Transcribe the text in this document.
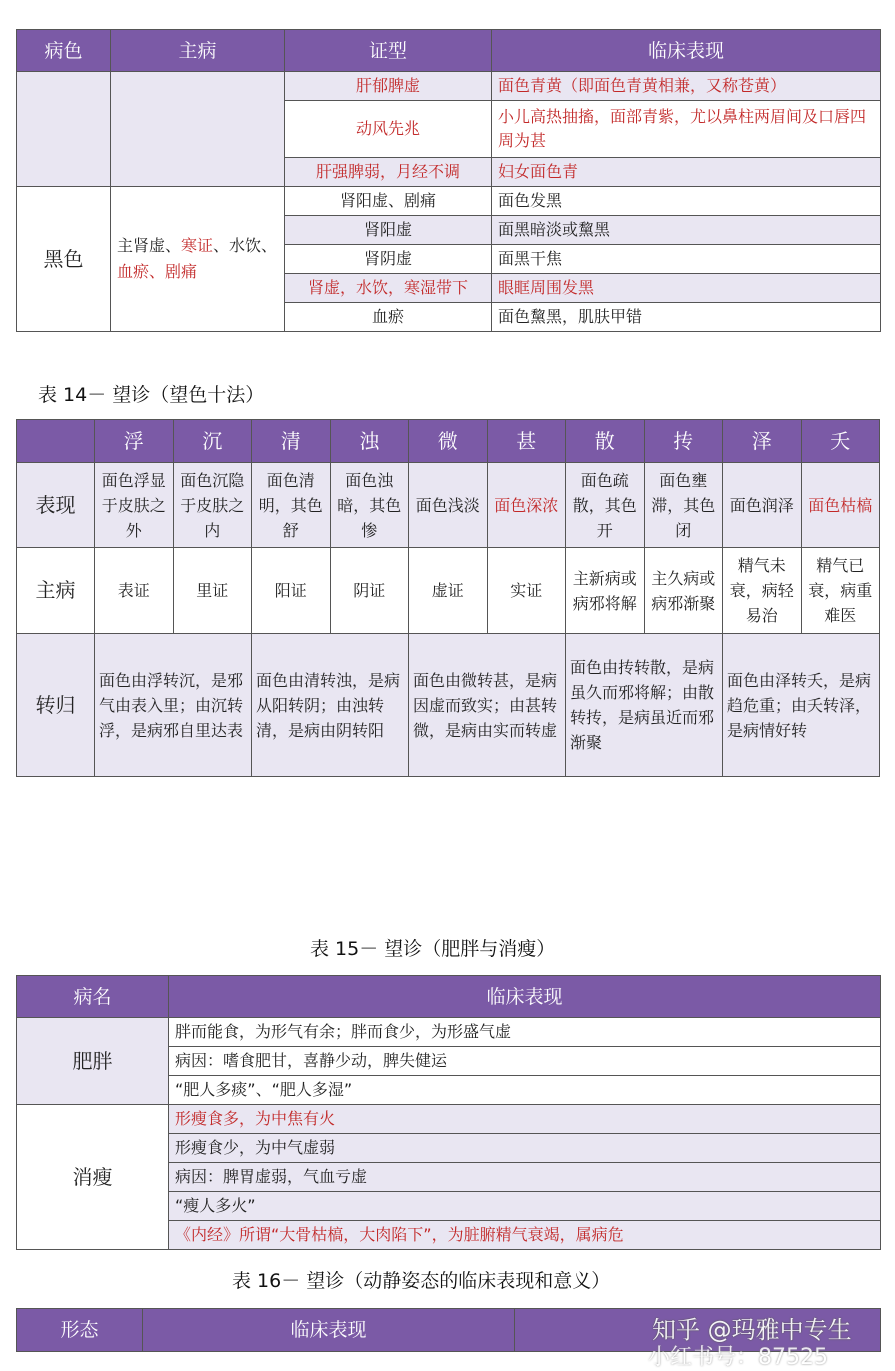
病色	主病	证型	临床表现
		肝郁脾虚	面色青黄（即面色青黄相兼，又称苍黄）
		动风先兆	小儿高热抽搐，面部青紫，尤以鼻柱两眉间及口唇四周为甚
		肝强脾弱，月经不调	妇女面色青
黑色	主肾虚、寒证、水饮、血瘀、剧痛	肾阳虚、剧痛	面色发黑
		肾阳虚	面黑暗淡或黧黑
		肾阴虚	面黑干焦
		肾虚，水饮，寒湿带下	眼眶周围发黑
		血瘀	面色黧黑，肌肤甲错
表 14－ 望诊（望色十法）
	浮	沉	清	浊	微	甚	散	抟	泽	夭
表现	面色浮显于皮肤之外	面色沉隐于皮肤之内	面色清明，其色舒	面色浊暗，其色惨	面色浅淡	面色深浓	面色疏散，其色开	面色壅滞，其色闭	面色润泽	面色枯槁
主病	表证	里证	阳证	阴证	虚证	实证	主新病或病邪将解	主久病或病邪渐聚	精气未衰，病轻易治	精气已衰，病重难医
转归	面色由浮转沉，是邪气由表入里；由沉转浮，是病邪自里达表		面色由清转浊，是病从阳转阴；由浊转清，是病由阴转阳		面色由微转甚，是病因虚而致实；由甚转微，是病由实而转虚		面色由抟转散，是病虽久而邪将解；由散转抟，是病虽近而邪渐聚		面色由泽转夭，是病趋危重；由夭转泽，是病情好转	
表 15－ 望诊（肥胖与消瘦）
病名	临床表现
肥胖	胖而能食，为形气有余；胖而食少，为形盛气虚
	病因：嗜食肥甘，喜静少动，脾失健运
	“肥人多痰”、“肥人多湿”
消瘦	形瘦食多，为中焦有火
	形瘦食少，为中气虚弱
	病因：脾胃虚弱，气血亏虚
	“瘦人多火”
	《内经》所谓“大骨枯槁，大肉陷下”，为脏腑精气衰竭，属病危
表 16－ 望诊（动静姿态的临床表现和意义）
形态	临床表现		知乎 @玛雅中专生
小红书号：87525
